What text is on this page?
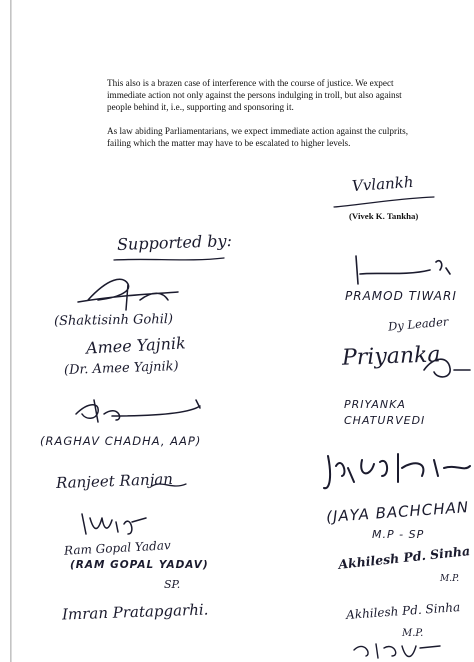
This also is a brazen case of interference with the course of justice. We expect immediate action not only against the persons indulging in troll, but also against people behind it, i.e., supporting and sponsoring it.

As law abiding Parliamentarians, we expect immediate action against the culprits, failing which the matter may have to be escalated to higher levels.

Vvlankh
(Vivek K. Tankha)
Supported by:
(Shaktisinh Gohil)
Amee Yajnik
(Dr. Amee Yajnik)
(RAGHAV CHADHA, AAP)
Ranjeet Ranjan
Ram Gopal Yadav
(RAM GOPAL YADAV)
SP.
Imran Pratapgarhi.
PRAMOD TIWARI
Dy Leader
Priyanka
PRIYANKA CHATURVEDI
(JAYA BACHCHAN
M.P - SP
Akhilesh Pd. Sinha
M.P.
Akhilesh Pd. Sinha
M.P.
